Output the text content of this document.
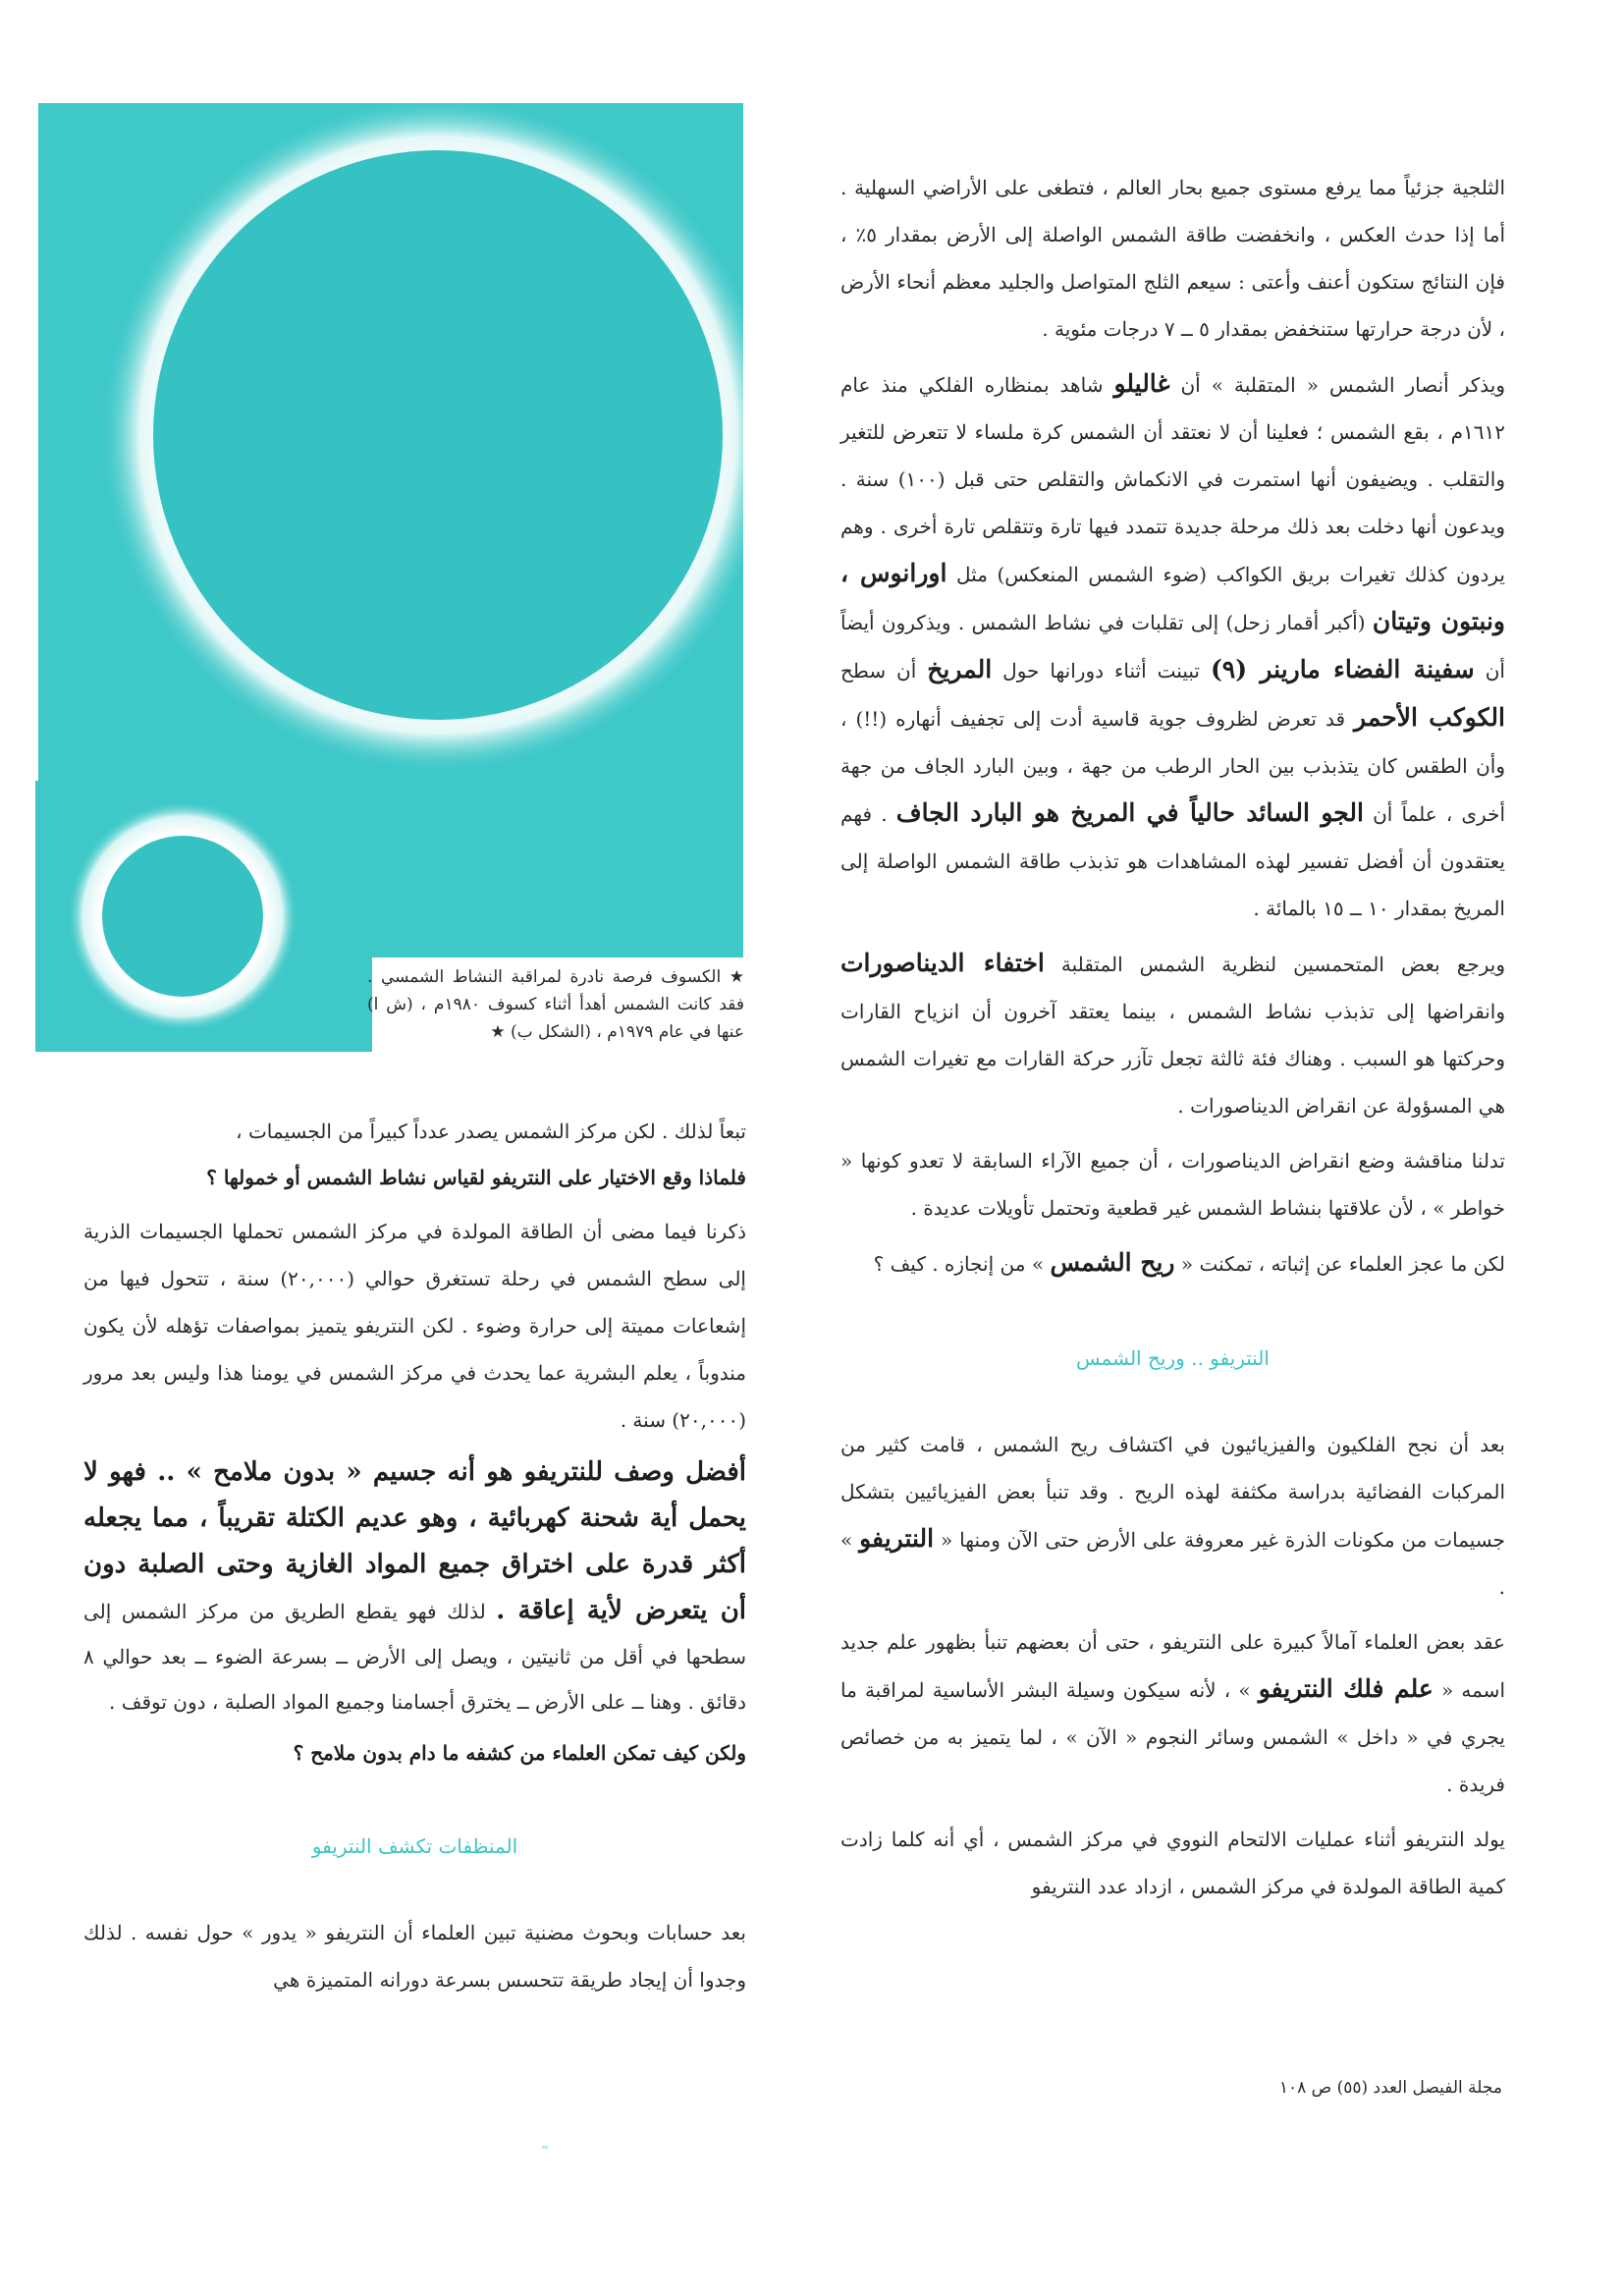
★ الكسوف فرصة نادرة لمراقبة النشاط الشمسي . فقد كانت الشمس أهدأ أثناء كسوف ١٩٨٠م ، (ش ا) عنها في عام ١٩٧٩م ، (الشكل ب) ★

الثلجية جزئياً مما يرفع مستوى جميع بحار العالم ، فتطغى على الأراضي السهلية . أما إذا حدث العكس ، وانخفضت طاقة الشمس الواصلة إلى الأرض بمقدار ٥٪ ، فإن النتائج ستكون أعنف وأعتى : سيعم الثلج المتواصل والجليد معظم أنحاء الأرض ، لأن درجة حرارتها ستنخفض بمقدار ٥ ــ ٧ درجات مئوية .

ويذكر أنصار الشمس « المتقلبة » أن غاليلو شاهد بمنظاره الفلكي منذ عام ١٦١٢م ، بقع الشمس ؛ فعلينا أن لا نعتقد أن الشمس كرة ملساء لا تتعرض للتغير والتقلب . ويضيفون أنها استمرت في الانكماش والتقلص حتى قبل (١٠٠) سنة . ويدعون أنها دخلت بعد ذلك مرحلة جديدة تتمدد فيها تارة وتتقلص تارة أخرى . وهم يردون كذلك تغيرات بريق الكواكب (ضوء الشمس المنعكس) مثل اورانوس ، ونبتون وتيتان (أكبر أقمار زحل) إلى تقلبات في نشاط الشمس . ويذكرون أيضاً أن سفينة الفضاء مارينر (٩) تبينت أثناء دورانها حول المريخ أن سطح الكوكب الأحمر قد تعرض لظروف جوية قاسية أدت إلى تجفيف أنهاره (!!) ، وأن الطقس كان يتذبذب بين الحار الرطب من جهة ، وبين البارد الجاف من جهة أخرى ، علماً أن الجو السائد حالياً في المريخ هو البارد الجاف . فهم يعتقدون أن أفضل تفسير لهذه المشاهدات هو تذبذب طاقة الشمس الواصلة إلى المريخ بمقدار ١٠ ــ ١٥ بالمائة .

ويرجع بعض المتحمسين لنظرية الشمس المتقلبة اختفاء الديناصورات وانقراضها إلى تذبذب نشاط الشمس ، بينما يعتقد آخرون أن انزياح القارات وحركتها هو السبب . وهناك فئة ثالثة تجعل تآزر حركة القارات مع تغيرات الشمس هي المسؤولة عن انقراض الديناصورات .

تدلنا مناقشة وضع انقراض الديناصورات ، أن جميع الآراء السابقة لا تعدو كونها « خواطر » ، لأن علاقتها بنشاط الشمس غير قطعية وتحتمل تأويلات عديدة .

لكن ما عجز العلماء عن إثباته ، تمكنت « ريح الشمس » من إنجازه . كيف ؟

النتريفو .. وريح الشمس

بعد أن نجح الفلكيون والفيزيائيون في اكتشاف ريح الشمس ، قامت كثير من المركبات الفضائية بدراسة مكثفة لهذه الريح . وقد تنبأ بعض الفيزيائيين بتشكل جسيمات من مكونات الذرة غير معروفة على الأرض حتى الآن ومنها « النتريفو » .

عقد بعض العلماء آمالاً كبيرة على النتريفو ، حتى أن بعضهم تنبأ بظهور علم جديد اسمه « علم فلك النتريفو » ، لأنه سيكون وسيلة البشر الأساسية لمراقبة ما يجري في « داخل » الشمس وسائر النجوم « الآن » ، لما يتميز به من خصائص فريدة .

يولد النتريفو أثناء عمليات الالتحام النووي في مركز الشمس ، أي أنه كلما زادت كمية الطاقة المولدة في مركز الشمس ، ازداد عدد النتريفو

تبعاً لذلك . لكن مركز الشمس يصدر عدداً كبيراً من الجسيمات ،

فلماذا وقع الاختيار على النتريفو لقياس نشاط الشمس أو خمولها ؟

ذكرنا فيما مضى أن الطاقة المولدة في مركز الشمس تحملها الجسيمات الذرية إلى سطح الشمس في رحلة تستغرق حوالي (٢٠,٠٠٠) سنة ، تتحول فيها من إشعاعات مميتة إلى حرارة وضوء . لكن النتريفو يتميز بمواصفات تؤهله لأن يكون مندوباً ، يعلم البشرية عما يحدث في مركز الشمس في يومنا هذا وليس بعد مرور (٢٠,٠٠٠) سنة .

أفضل وصف للنتريفو هو أنه جسيم « بدون ملامح » .. فهو لا يحمل أية شحنة كهربائية ، وهو عديم الكتلة تقريباً ، مما يجعله أكثر قدرة على اختراق جميع المواد الغازية وحتى الصلبة دون أن يتعرض لأية إعاقة . لذلك فهو يقطع الطريق من مركز الشمس إلى سطحها في أقل من ثانيتين ، ويصل إلى الأرض ــ بسرعة الضوء ــ بعد حوالي ٨ دقائق . وهنا ــ على الأرض ــ يخترق أجسامنا وجميع المواد الصلبة ، دون توقف .

ولكن كيف تمكن العلماء من كشفه ما دام بدون ملامح ؟

المنظفات تكشف النتريفو

بعد حسابات وبحوث مضنية تبين العلماء أن النتريفو « يدور » حول نفسه . لذلك وجدوا أن إيجاد طريقة تتحسس بسرعة دورانه المتميزة هي

مجلة الفيصل العدد (٥٥) ص ١٠٨
